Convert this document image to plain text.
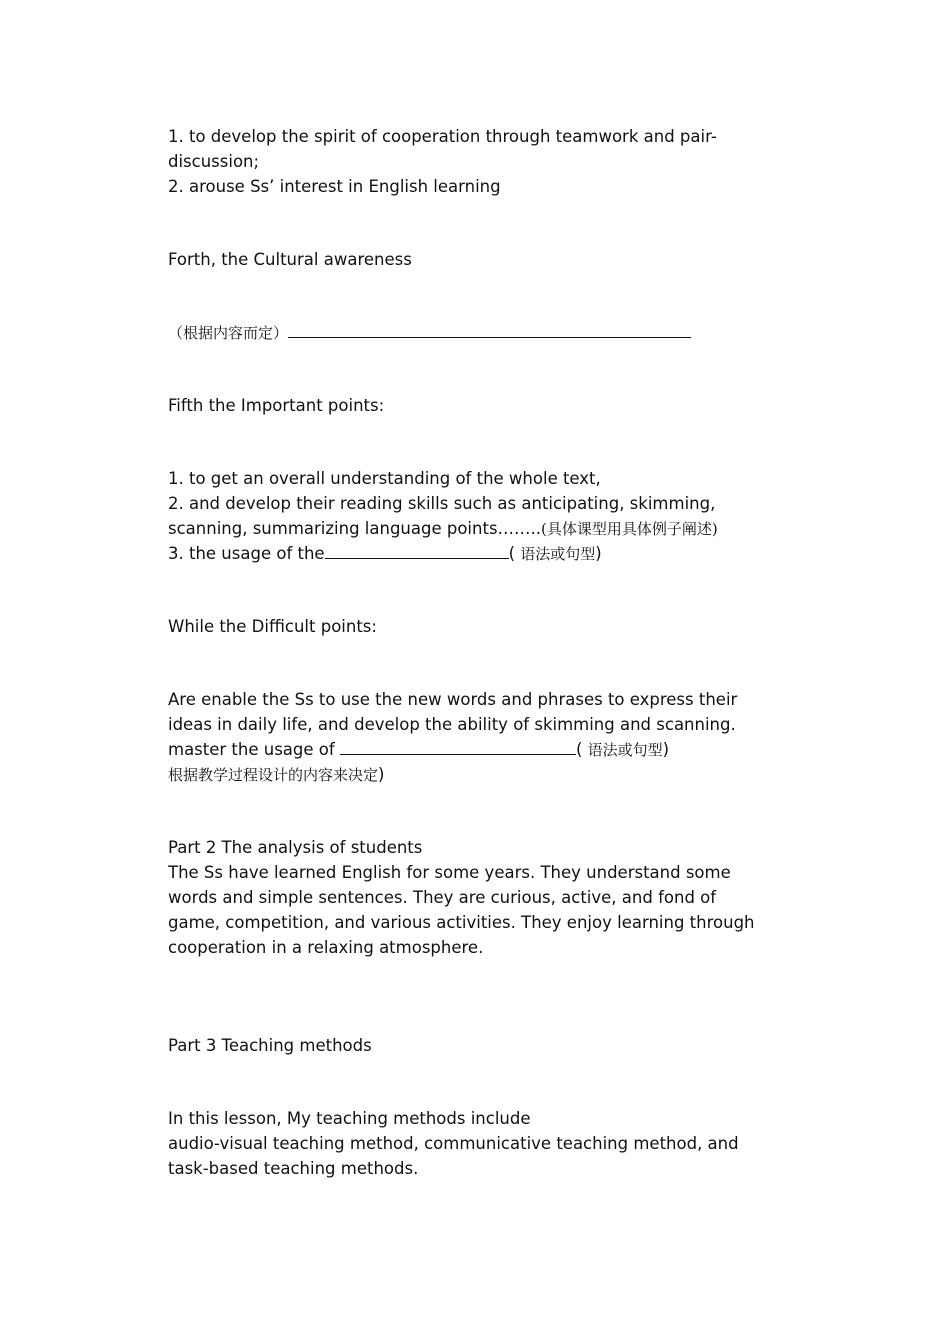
1. to develop the spirit of cooperation through teamwork and pair-
discussion;
2. arouse Ss’ interest in English learning
Forth, the Cultural awareness
（根据内容而定）
Fifth the Important points:
1. to get an overall understanding of the whole text,
2. and develop their reading skills such as anticipating, skimming,
scanning, summarizing language points……..(具体课型用具体例子阐述)
3. the usage of the	( 语法或句型)
While the Difficult points:
Are enable the Ss to use the new words and phrases to express their
ideas in daily life, and develop the ability of skimming and scanning.
master the usage of	( 语法或句型)
根据教学过程设计的内容来决定)
Part 2 The analysis of students
The Ss have learned English for some years. They understand some
words and simple sentences. They are curious, active, and fond of
game, competition, and various activities. They enjoy learning through
cooperation in a relaxing atmosphere.
Part 3 Teaching methods
In this lesson, My teaching methods include
audio-visual teaching method, communicative teaching method, and
task-based teaching methods.
